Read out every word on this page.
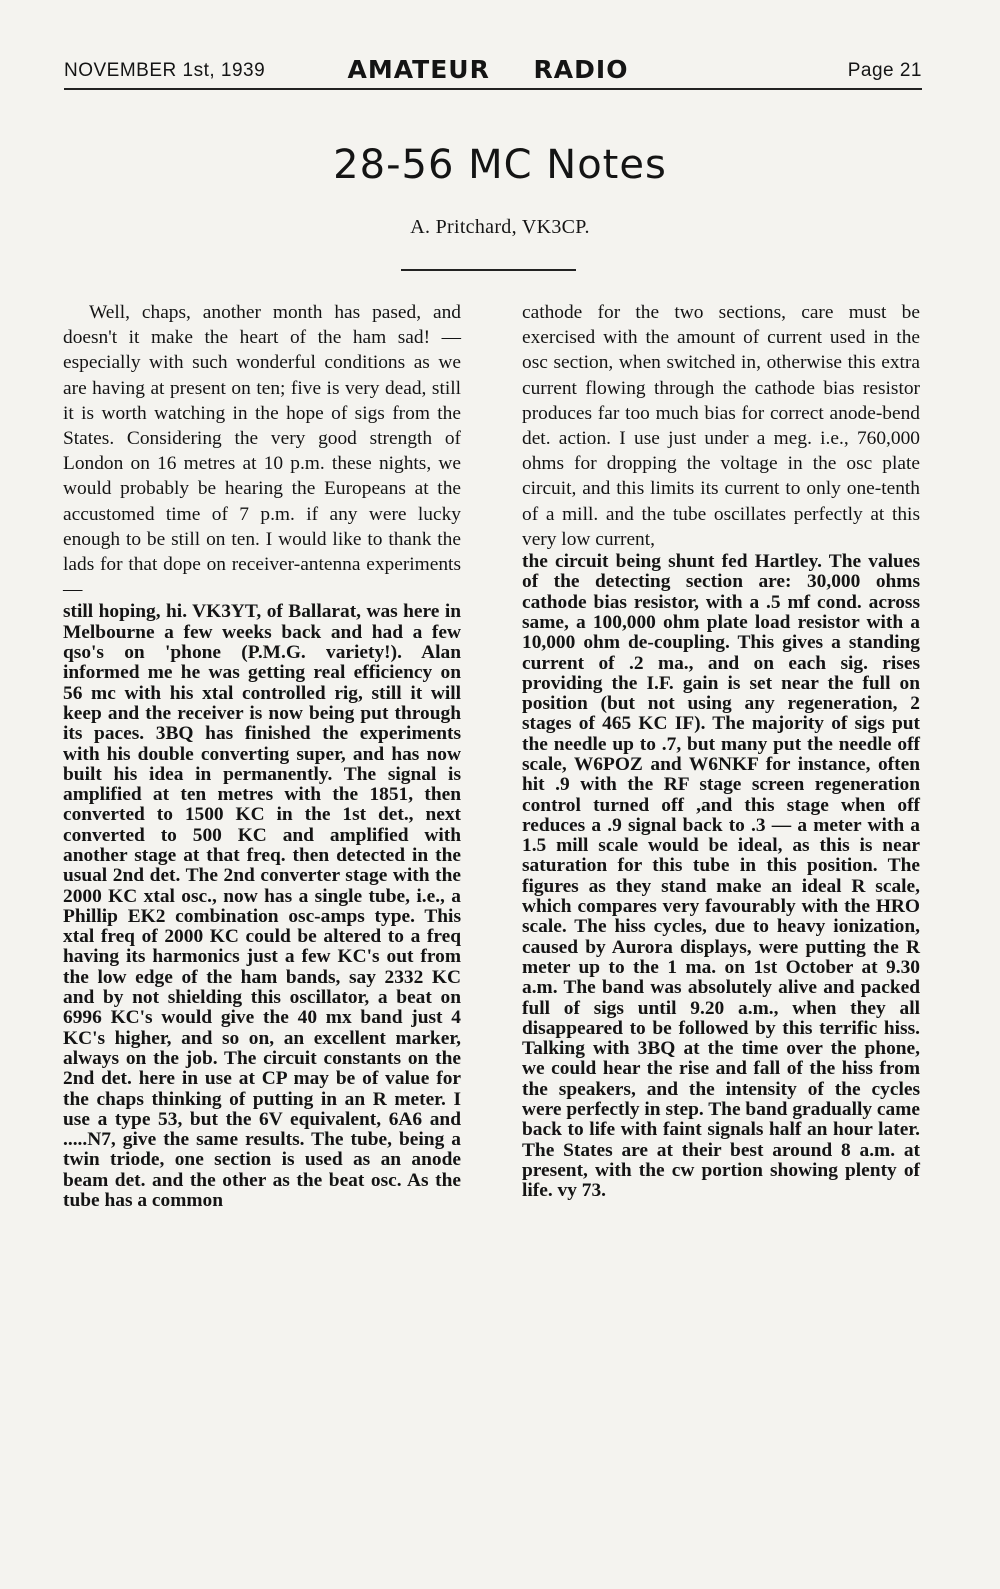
NOVEMBER 1st, 1939	AMATEUR RADIO	Page 21
28-56 MC Notes
A. Pritchard, VK3CP.
Well, chaps, another month has pased, and doesn't it make the heart of the ham sad! — especially with such wonderful conditions as we are having at present on ten; five is very dead, still it is worth watching in the hope of sigs from the States. Considering the very good strength of London on 16 metres at 10 p.m. these nights, we would probably be hearing the Europeans at the accustomed time of 7 p.m. if any were lucky enough to be still on ten. I would like to thank the lads for that dope on receiver-antenna experiments—
still hoping, hi. VK3YT, of Ballarat, was here in Melbourne a few weeks back and had a few qso's on 'phone (P.M.G. variety!). Alan informed me he was getting real efficiency on 56 mc with his xtal controlled rig, still it will keep and the receiver is now being put through its paces. 3BQ has finished the experiments with his double converting super, and has now built his idea in permanently. The signal is amplified at ten metres with the 1851, then converted to 1500 KC in the 1st det., next converted to 500 KC and amplified with another stage at that freq. then detected in the usual 2nd det. The 2nd converter stage with the 2000 KC xtal osc., now has a single tube, i.e., a Phillip EK2 combination osc-amps type. This xtal freq of 2000 KC could be altered to a freq having its harmonics just a few KC's out from the low edge of the ham bands, say 2332 KC and by not shielding this oscillator, a beat on 6996 KC's would give the 40 mx band just 4 KC's higher, and so on, an excellent marker, always on the job. The circuit constants on the 2nd det. here in use at CP may be of value for the chaps thinking of putting in an R meter. I use a type 53, but the 6V equivalent, 6A6 and .....N7, give the same results. The tube, being a twin triode, one section is used as an anode beam det. and the other as the beat osc. As the tube has a common
cathode for the two sections, care must be exercised with the amount of current used in the osc section, when switched in, otherwise this extra current flowing through the cathode bias resistor produces far too much bias for correct anode-bend det. action. I use just under a meg. i.e., 760,000 ohms for dropping the voltage in the osc plate circuit, and this limits its current to only one-tenth of a mill. and the tube oscillates perfectly at this very low current,
the circuit being shunt fed Hartley. The values of the detecting section are: 30,000 ohms cathode bias resistor, with a .5 mf cond. across same, a 100,000 ohm plate load resistor with a 10,000 ohm de-coupling. This gives a standing current of .2 ma., and on each sig. rises providing the I.F. gain is set near the full on position (but not using any regeneration, 2 stages of 465 KC IF). The majority of sigs put the needle up to .7, but many put the needle off scale, W6POZ and W6NKF for instance, often hit .9 with the RF stage screen regeneration control turned off ,and this stage when off reduces a .9 signal back to .3 — a meter with a 1.5 mill scale would be ideal, as this is near saturation for this tube in this position. The figures as they stand make an ideal R scale, which compares very favourably with the HRO scale. The hiss cycles, due to heavy ionization, caused by Aurora displays, were putting the R meter up to the 1 ma. on 1st October at 9.30 a.m. The band was absolutely alive and packed full of sigs until 9.20 a.m., when they all disappeared to be followed by this terrific hiss. Talking with 3BQ at the time over the phone, we could hear the rise and fall of the hiss from the speakers, and the intensity of the cycles were perfectly in step. The band gradually came back to life with faint signals half an hour later. The States are at their best around 8 a.m. at present, with the cw portion showing plenty of life. vy 73.
